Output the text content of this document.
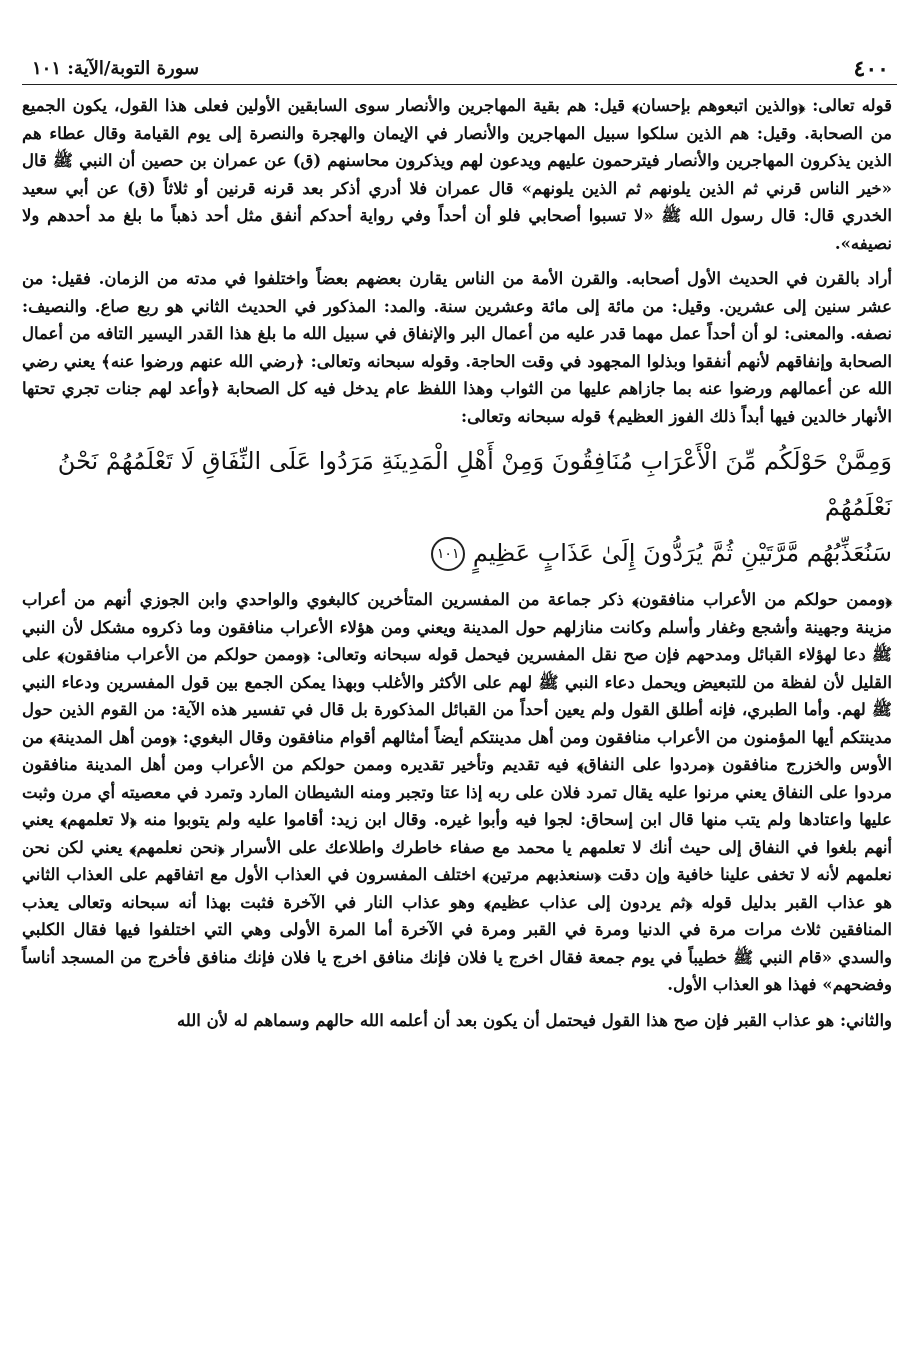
٤٠٠
سورة التوبة/الآية: ١٠١

قوله تعالى: ﴿والذين اتبعوهم بإحسان﴾ قيل: هم بقية المهاجرين والأنصار سوى السابقين الأولين فعلى هذا القول، يكون الجميع من الصحابة. وقيل: هم الذين سلكوا سبيل المهاجرين والأنصار في الإيمان والهجرة والنصرة إلى يوم القيامة وقال عطاء هم الذين يذكرون المهاجرين والأنصار فيترحمون عليهم ويدعون لهم ويذكرون محاسنهم (ق) عن عمران بن حصين أن النبي ﷺ قال «خير الناس قرني ثم الذين يلونهم ثم الذين يلونهم» قال عمران فلا أدري أذكر بعد قرنه قرنين أو ثلاثاً (ق) عن أبي سعيد الخدري قال: قال رسول الله ﷺ «لا تسبوا أصحابي فلو أن أحداً وفي رواية أحدكم أنفق مثل أحد ذهباً ما بلغ مد أحدهم ولا نصيفه».

أراد بالقرن في الحديث الأول أصحابه. والقرن الأمة من الناس يقارن بعضهم بعضاً واختلفوا في مدته من الزمان. فقيل: من عشر سنين إلى عشرين. وقيل: من مائة إلى مائة وعشرين سنة. والمد: المذكور في الحديث الثاني هو ربع صاع. والنصيف: نصفه. والمعنى: لو أن أحداً عمل مهما قدر عليه من أعمال البر والإنفاق في سبيل الله ما بلغ هذا القدر اليسير التافه من أعمال الصحابة وإنفاقهم لأنهم أنفقوا وبذلوا المجهود في وقت الحاجة. وقوله سبحانه وتعالى: ﴿رضي الله عنهم ورضوا عنه﴾ يعني رضي الله عن أعمالهم ورضوا عنه بما جازاهم عليها من الثواب وهذا اللفظ عام يدخل فيه كل الصحابة ﴿وأعد لهم جنات تجري تحتها الأنهار خالدين فيها أبداً ذلك الفوز العظيم﴾ قوله سبحانه وتعالى:

وَمِمَّنْ حَوْلَكُم مِّنَ الْأَعْرَابِ مُنَافِقُونَ وَمِنْ أَهْلِ الْمَدِينَةِ مَرَدُوا عَلَى النِّفَاقِ لَا تَعْلَمُهُمْ نَحْنُ نَعْلَمُهُمْ
سَنُعَذِّبُهُم مَّرَّتَيْنِ ثُمَّ يُرَدُّونَ إِلَىٰ عَذَابٍ عَظِيمٍ ١٠١

﴿وممن حولكم من الأعراب منافقون﴾ ذكر جماعة من المفسرين المتأخرين كالبغوي والواحدي وابن الجوزي أنهم من أعراب مزينة وجهينة وأشجع وغفار وأسلم وكانت منازلهم حول المدينة ويعني ومن هؤلاء الأعراب منافقون وما ذكروه مشكل لأن النبي ﷺ دعا لهؤلاء القبائل ومدحهم فإن صح نقل المفسرين فيحمل قوله سبحانه وتعالى: ﴿وممن حولكم من الأعراب منافقون﴾ على القليل لأن لفظة من للتبعيض ويحمل دعاء النبي ﷺ لهم على الأكثر والأغلب وبهذا يمكن الجمع بين قول المفسرين ودعاء النبي ﷺ لهم. وأما الطبري، فإنه أطلق القول ولم يعين أحداً من القبائل المذكورة بل قال في تفسير هذه الآية: من القوم الذين حول مدينتكم أيها المؤمنون من الأعراب منافقون ومن أهل مدينتكم أيضاً أمثالهم أقوام منافقون وقال البغوي: ﴿ومن أهل المدينة﴾ من الأوس والخزرج منافقون ﴿مردوا على النفاق﴾ فيه تقديم وتأخير تقديره وممن حولكم من الأعراب ومن أهل المدينة منافقون مردوا على النفاق يعني مرنوا عليه يقال تمرد فلان على ربه إذا عتا وتجبر ومنه الشيطان المارد وتمرد في معصيته أي مرن وثبت عليها واعتادها ولم يتب منها قال ابن إسحاق: لجوا فيه وأبوا غيره. وقال ابن زيد: أقاموا عليه ولم يتوبوا منه ﴿لا تعلمهم﴾ يعني أنهم بلغوا في النفاق إلى حيث أنك لا تعلمهم يا محمد مع صفاء خاطرك واطلاعك على الأسرار ﴿نحن نعلمهم﴾ يعني لكن نحن نعلمهم لأنه لا تخفى علينا خافية وإن دقت ﴿سنعذبهم مرتين﴾ اختلف المفسرون في العذاب الأول مع اتفاقهم على العذاب الثاني هو عذاب القبر بدليل قوله ﴿ثم يردون إلى عذاب عظيم﴾ وهو عذاب النار في الآخرة فثبت بهذا أنه سبحانه وتعالى يعذب المنافقين ثلاث مرات مرة في الدنيا ومرة في القبر ومرة في الآخرة أما المرة الأولى وهي التي اختلفوا فيها فقال الكلبي والسدي «قام النبي ﷺ خطيباً في يوم جمعة فقال اخرج يا فلان فإنك منافق اخرج يا فلان فإنك منافق فأخرج من المسجد أناساً وفضحهم» فهذا هو العذاب الأول.

والثاني: هو عذاب القبر فإن صح هذا القول فيحتمل أن يكون بعد أن أعلمه الله حالهم وسماهم له لأن الله
